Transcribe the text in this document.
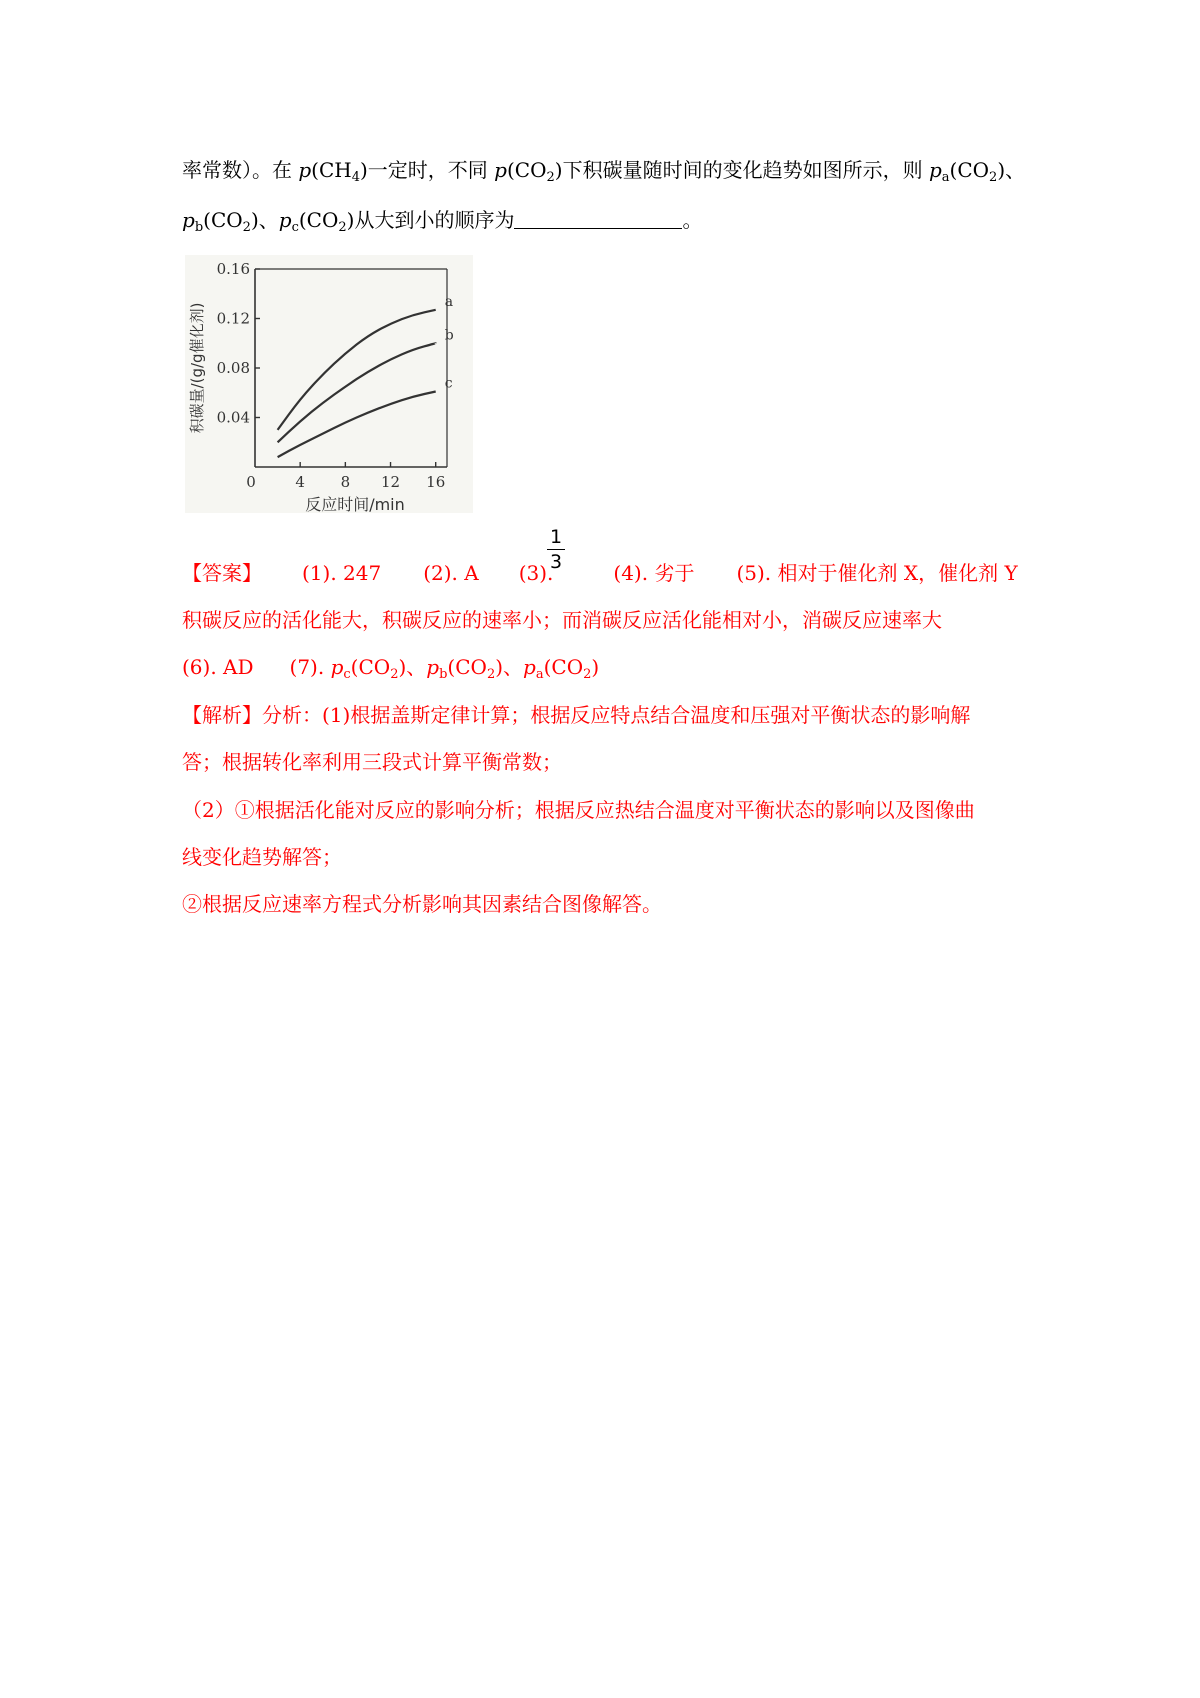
率常数）。在 $p(CH_4)$一定时，不同 $p(CO_2)$下积碳量随时间的变化趋势如图所示，则 $p_a(CO_2)$、
$p_b(CO_2)$、$p_c(CO_2)$从大到小的顺序为	。
0.04
0.08
0.12
0.16
0	4 8 12 16
反应时间/min
积碳量/(g/g催化剂)
a
b
c
1
3
【答案】 (1). 247 (2). A (3).	(4). 劣于 (5). 相对于催化剂 X，催化剂 Y
积碳反应的活化能大，积碳反应的速率小；而消碳反应活化能相对小，消碳反应速率大
(6). AD (7). $p_c(CO_2)$、$p_b(CO_2)$、$p_a(CO_2)$
【解析】分析：(1)根据盖斯定律计算；根据反应特点结合温度和压强对平衡状态的影响解
答；根据转化率利用三段式计算平衡常数；
（2）①根据活化能对反应的影响分析；根据反应热结合温度对平衡状态的影响以及图像曲
线变化趋势解答；
②根据反应速率方程式分析影响其因素结合图像解答。
